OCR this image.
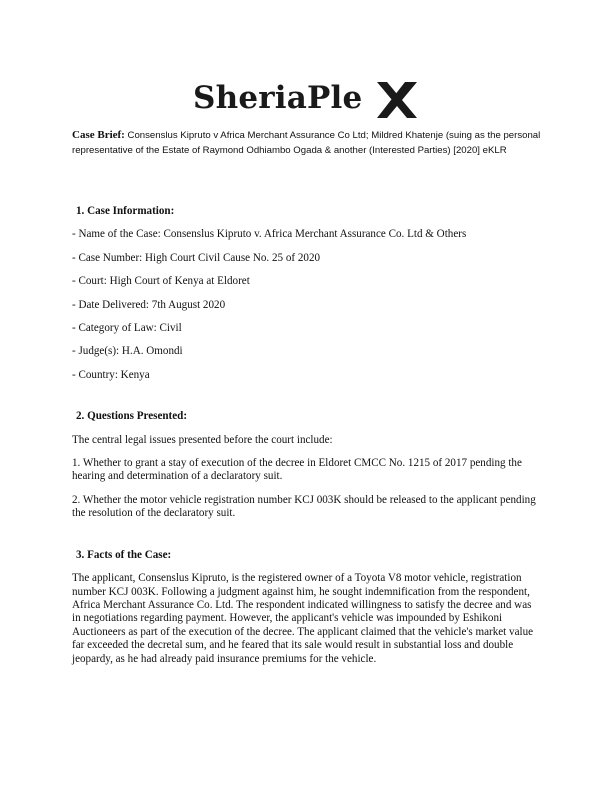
SheriaPle
Case Brief: Consenslus Kipruto v Africa Merchant Assurance Co Ltd; Mildred Khatenje (suing as the personal representative of the Estate of Raymond Odhiambo Ogada & another (Interested Parties) [2020] eKLR

1. Case Information:

- Name of the Case: Consenslus Kipruto v. Africa Merchant Assurance Co. Ltd & Others

- Case Number: High Court Civil Cause No. 25 of 2020

- Court: High Court of Kenya at Eldoret

- Date Delivered: 7th August 2020

- Category of Law: Civil

- Judge(s): H.A. Omondi

- Country: Kenya

2. Questions Presented:

The central legal issues presented before the court include:

1. Whether to grant a stay of execution of the decree in Eldoret CMCC No. 1215 of 2017 pending the hearing and determination of a declaratory suit.

2. Whether the motor vehicle registration number KCJ 003K should be released to the applicant pending the resolution of the declaratory suit.

3. Facts of the Case:

The applicant, Consenslus Kipruto, is the registered owner of a Toyota V8 motor vehicle, registration number KCJ 003K. Following a judgment against him, he sought indemnification from the respondent, Africa Merchant Assurance Co. Ltd. The respondent indicated willingness to satisfy the decree and was in negotiations regarding payment. However, the applicant's vehicle was impounded by Eshikoni Auctioneers as part of the execution of the decree. The applicant claimed that the vehicle's market value far exceeded the decretal sum, and he feared that its sale would result in substantial loss and double jeopardy, as he had already paid insurance premiums for the vehicle.
